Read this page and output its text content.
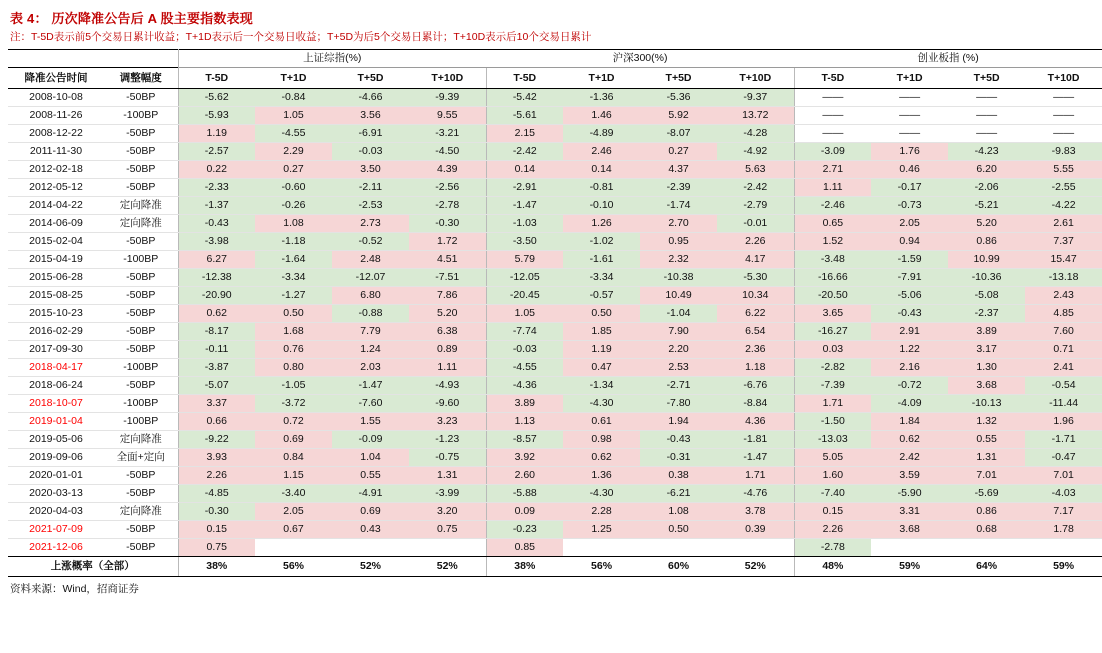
表 4： 历次降准公告后 A 股主要指数表现
注：T-5D表示前5个交易日累计收益；T+1D表示后一个交易日收益；T+5D为后5个交易日累计；T+10D表示后10个交易日累计
		上证综指(%)				沪深300(%)				创业板指 (%)			
降准公告时间	调整幅度	T-5D	T+1D	T+5D	T+10D	T-5D	T+1D	T+5D	T+10D	T-5D	T+1D	T+5D	T+10D
2008-10-08	-50BP	-5.62	-0.84	-4.66	-9.39	-5.42	-1.36	-5.36	-9.37	——	——	——	——
2008-11-26	-100BP	-5.93	1.05	3.56	9.55	-5.61	1.46	5.92	13.72	——	——	——	——
2008-12-22	-50BP	1.19	-4.55	-6.91	-3.21	2.15	-4.89	-8.07	-4.28	——	——	——	——
2011-11-30	-50BP	-2.57	2.29	-0.03	-4.50	-2.42	2.46	0.27	-4.92	-3.09	1.76	-4.23	-9.83
2012-02-18	-50BP	0.22	0.27	3.50	4.39	0.14	0.14	4.37	5.63	2.71	0.46	6.20	5.55
2012-05-12	-50BP	-2.33	-0.60	-2.11	-2.56	-2.91	-0.81	-2.39	-2.42	1.11	-0.17	-2.06	-2.55
2014-04-22	定向降准	-1.37	-0.26	-2.53	-2.78	-1.47	-0.10	-1.74	-2.79	-2.46	-0.73	-5.21	-4.22
2014-06-09	定向降准	-0.43	1.08	2.73	-0.30	-1.03	1.26	2.70	-0.01	0.65	2.05	5.20	2.61
2015-02-04	-50BP	-3.98	-1.18	-0.52	1.72	-3.50	-1.02	0.95	2.26	1.52	0.94	0.86	7.37
2015-04-19	-100BP	6.27	-1.64	2.48	4.51	5.79	-1.61	2.32	4.17	-3.48	-1.59	10.99	15.47
2015-06-28	-50BP	-12.38	-3.34	-12.07	-7.51	-12.05	-3.34	-10.38	-5.30	-16.66	-7.91	-10.36	-13.18
2015-08-25	-50BP	-20.90	-1.27	6.80	7.86	-20.45	-0.57	10.49	10.34	-20.50	-5.06	-5.08	2.43
2015-10-23	-50BP	0.62	0.50	-0.88	5.20	1.05	0.50	-1.04	6.22	3.65	-0.43	-2.37	4.85
2016-02-29	-50BP	-8.17	1.68	7.79	6.38	-7.74	1.85	7.90	6.54	-16.27	2.91	3.89	7.60
2017-09-30	-50BP	-0.11	0.76	1.24	0.89	-0.03	1.19	2.20	2.36	0.03	1.22	3.17	0.71
2018-04-17	-100BP	-3.87	0.80	2.03	1.11	-4.55	0.47	2.53	1.18	-2.82	2.16	1.30	2.41
2018-06-24	-50BP	-5.07	-1.05	-1.47	-4.93	-4.36	-1.34	-2.71	-6.76	-7.39	-0.72	3.68	-0.54
2018-10-07	-100BP	3.37	-3.72	-7.60	-9.60	3.89	-4.30	-7.80	-8.84	1.71	-4.09	-10.13	-11.44
2019-01-04	-100BP	0.66	0.72	1.55	3.23	1.13	0.61	1.94	4.36	-1.50	1.84	1.32	1.96
2019-05-06	定向降准	-9.22	0.69	-0.09	-1.23	-8.57	0.98	-0.43	-1.81	-13.03	0.62	0.55	-1.71
2019-09-06	全面+定向	3.93	0.84	1.04	-0.75	3.92	0.62	-0.31	-1.47	5.05	2.42	1.31	-0.47
2020-01-01	-50BP	2.26	1.15	0.55	1.31	2.60	1.36	0.38	1.71	1.60	3.59	7.01	7.01
2020-03-13	-50BP	-4.85	-3.40	-4.91	-3.99	-5.88	-4.30	-6.21	-4.76	-7.40	-5.90	-5.69	-4.03
2020-04-03	定向降准	-0.30	2.05	0.69	3.20	0.09	2.28	1.08	3.78	0.15	3.31	0.86	7.17
2021-07-09	-50BP	0.15	0.67	0.43	0.75	-0.23	1.25	0.50	0.39	2.26	3.68	0.68	1.78
2021-12-06	-50BP	0.75				0.85				-2.78			
上涨概率（全部）		38%	56%	52%	52%	38%	56%	60%	52%	48%	59%	64%	59%
资料来源：Wind，招商证券
